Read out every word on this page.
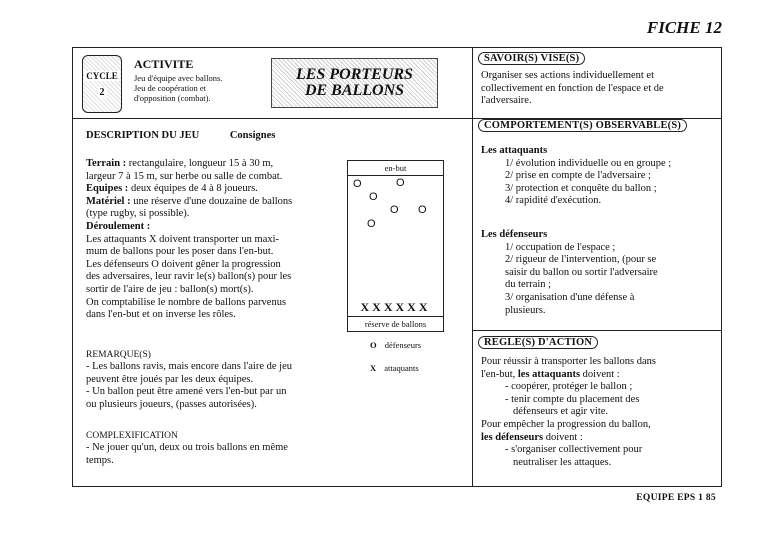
FICHE 12
CYCLE
2
ACTIVITE
Jeu d'équipe avec ballons.
Jeu de coopération et
d'opposition (combat).
LES PORTEURS
DE BALLONS
SAVOIR(S) VISE(S)
Organiser ses actions individuellement et
collectivement en fonction de l'espace et de
l'adversaire.
DESCRIPTION DU JEU	Consignes
Terrain : rectangulaire, longueur 15 à 30 m,
largeur 7 à 15 m, sur herbe ou salle de combat.
Equipes : deux équipes de 4 à 8 joueurs.
Matériel : une réserve d'une douzaine de ballons
(type rugby, si possible).
Déroulement :
Les attaquants X doivent transporter un maxi-
mum de ballons pour les poser dans l'en-but.
Les défenseurs O doivent gêner la progression
des adversaires, leur ravir le(s) ballon(s) pour les
sortir de l'aire de jeu : ballon(s) mort(s).
On comptabilise le nombre de ballons parvenus
dans l'en-but et on inverse les rôles.
REMARQUE(S)
- Les ballons ravis, mais encore dans l'aire de jeu
peuvent être joués par les deux équipes.
- Un ballon peut être amené vers l'en-but par un
ou plusieurs joueurs, (passes autorisées).
COMPLEXIFICATION
- Ne jouer qu'un, deux ou trois ballons en même
temps.
en-but
O	O
O
O O
O
XXXXXX
réserve de ballons
O défenseurs
X attaquants
COMPORTEMENT(S) OBSERVABLE(S)
Les attaquants
1/ évolution individuelle ou en groupe ;
2/ prise en compte de l'adversaire ;
3/ protection et conquête du ballon ;
4/ rapidité d'exécution.
Les défenseurs
1/ occupation de l'espace ;
2/ rigueur de l'intervention, (pour se
saisir du ballon ou sortir l'adversaire
du terrain ;
3/ organisation d'une défense à
plusieurs.
REGLE(S) D'ACTION
Pour réussir à transporter les ballons dans
l'en-but, les attaquants doivent :
- coopérer, protéger le ballon ;
- tenir compte du placement des
défenseurs et agir vite.
Pour empêcher la progression du ballon,
les défenseurs doivent :
- s'organiser collectivement pour
neutraliser les attaques.
EQUIPE EPS 1 85
